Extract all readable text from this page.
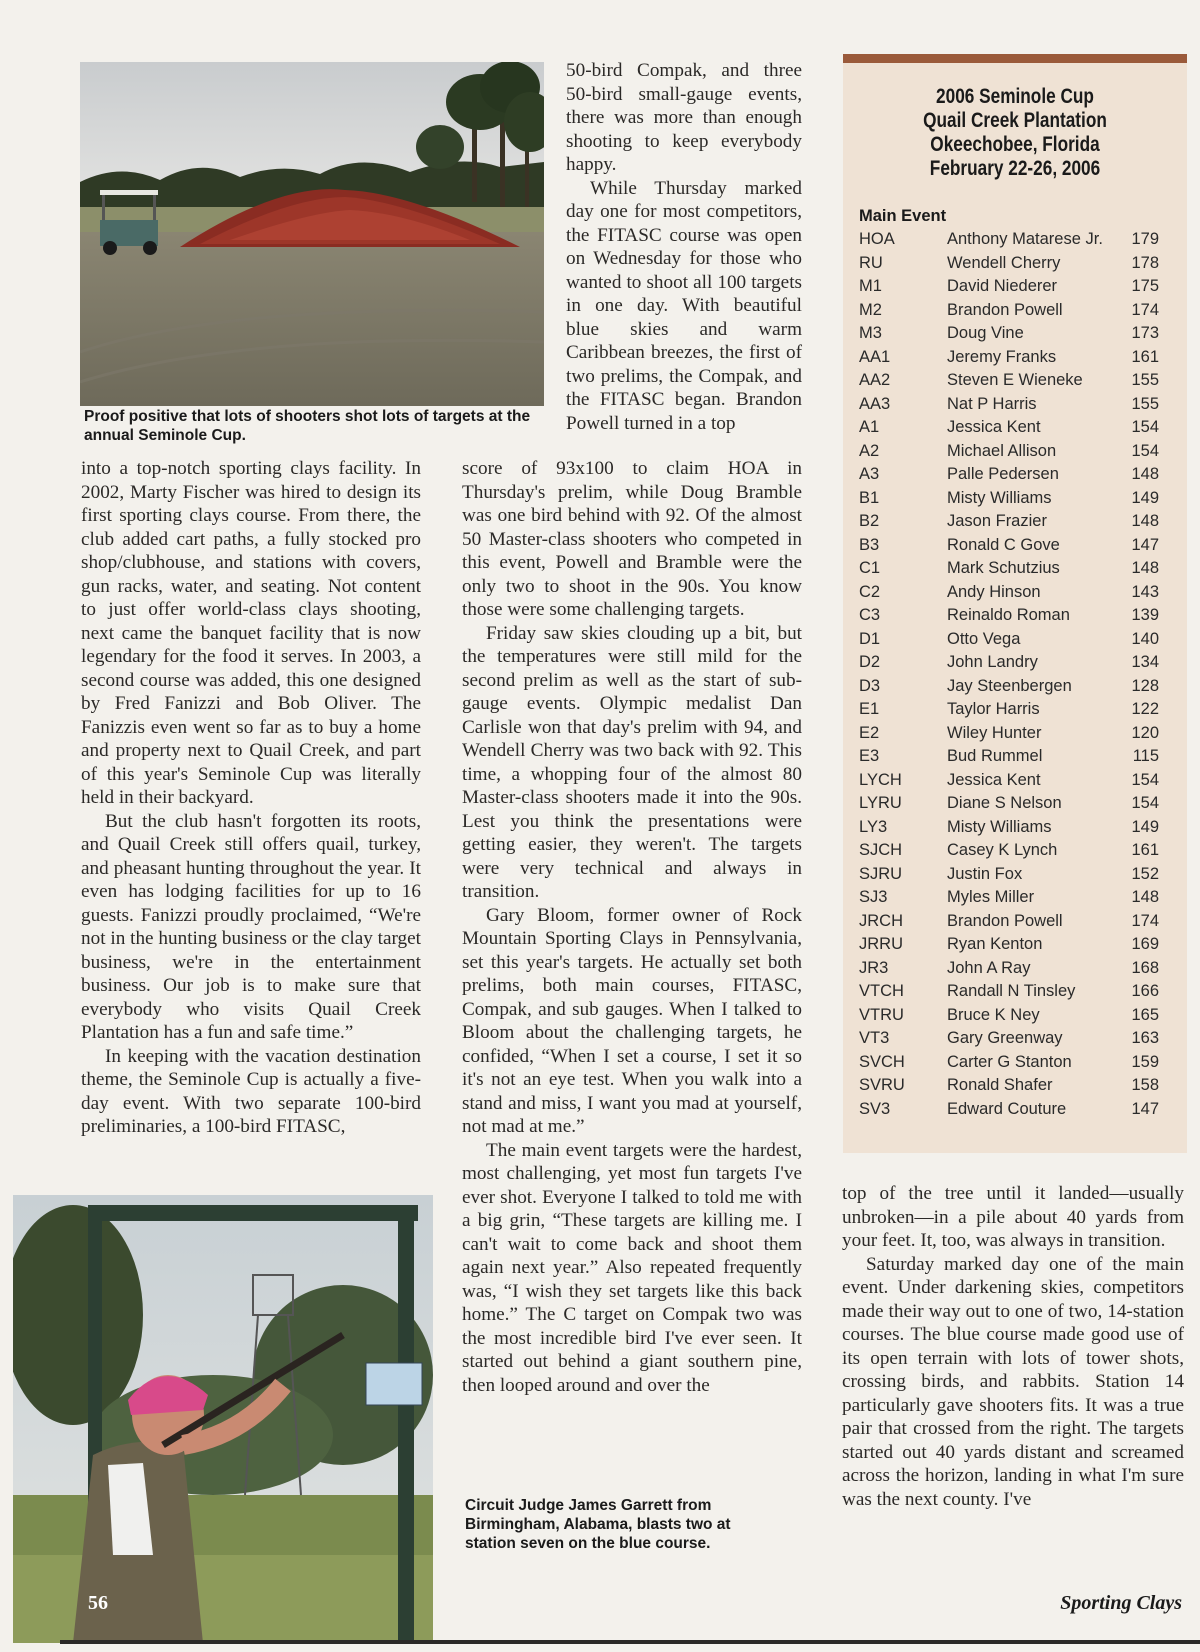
Proof positive that lots of shooters shot lots of targets at the annual Seminole Cup.

into a top-notch sporting clays facility. In 2002, Marty Fischer was hired to design its first sporting clays course. From there, the club added cart paths, a fully stocked pro shop/clubhouse, and stations with covers, gun racks, water, and seating. Not content to just offer world-class clays shooting, next came the banquet facility that is now legendary for the food it serves. In 2003, a second course was added, this one designed by Fred Fanizzi and Bob Oliver. The Fanizzis even went so far as to buy a home and property next to Quail Creek, and part of this year's Seminole Cup was literally held in their backyard.

But the club hasn't forgotten its roots, and Quail Creek still offers quail, turkey, and pheasant hunting throughout the year. It even has lodging facilities for up to 16 guests. Fanizzi proudly proclaimed, “We're not in the hunting business or the clay target business, we're in the entertainment business. Our job is to make sure that everybody who visits Quail Creek Plantation has a fun and safe time.”

In keeping with the vacation destination theme, the Seminole Cup is actually a five-day event. With two separate 100-bird preliminaries, a 100-bird FITASC,

50-bird Compak, and three 50-bird small-gauge events, there was more than enough shooting to keep everybody happy.

While Thursday marked day one for most competitors, the FITASC course was open on Wednesday for those who wanted to shoot all 100 targets in one day. With beautiful blue skies and warm Caribbean breezes, the first of two prelims, the Compak, and the FITASC began. Brandon Powell turned in a top

score of 93x100 to claim HOA in Thursday's prelim, while Doug Bramble was one bird behind with 92. Of the almost 50 Master-class shooters who competed in this event, Powell and Bramble were the only two to shoot in the 90s. You know those were some challenging targets.

Friday saw skies clouding up a bit, but the temperatures were still mild for the second prelim as well as the start of sub-gauge events. Olympic medalist Dan Carlisle won that day's prelim with 94, and Wendell Cherry was two back with 92. This time, a whopping four of the almost 80 Master-class shooters made it into the 90s. Lest you think the presentations were getting easier, they weren't. The targets were very technical and always in transition.

Gary Bloom, former owner of Rock Mountain Sporting Clays in Pennsylvania, set this year's targets. He actually set both prelims, both main courses, FITASC, Compak, and sub gauges. When I talked to Bloom about the challenging targets, he confided, “When I set a course, I set it so it's not an eye test. When you walk into a stand and miss, I want you mad at yourself, not mad at me.”

The main event targets were the hardest, most challenging, yet most fun targets I've ever shot. Everyone I talked to told me with a big grin, “These targets are killing me. I can't wait to come back and shoot them again next year.” Also repeated frequently was, “I wish they set targets like this back home.” The C target on Compak two was the most incredible bird I've ever seen. It started out behind a giant southern pine, then looped around and over the

2006 Seminole Cup
Quail Creek Plantation
Okeechobee, Florida
February 22-26, 2006
Main Event
HOA	Anthony Matarese Jr. 179
RU	Wendell Cherry	178
M1	David Niederer	175
M2	Brandon Powell	174
M3	Doug Vine	173
AA1	Jeremy Franks	161
AA2	Steven E Wieneke	155
AA3	Nat P Harris	155
A1	Jessica Kent	154
A2	Michael Allison	154
A3	Palle Pedersen	148
B1	Misty Williams	149
B2	Jason Frazier	148
B3	Ronald C Gove	147
C1	Mark Schutzius	148
C2	Andy Hinson	143
C3	Reinaldo Roman	139
D1	Otto Vega	140
D2	John Landry	134
D3	Jay Steenbergen	128
E1	Taylor Harris	122
E2	Wiley Hunter	120
E3	Bud Rummel	115
LYCH	Jessica Kent	154
LYRU	Diane S Nelson	154
LY3	Misty Williams	149
SJCH	Casey K Lynch	161
SJRU	Justin Fox	152
SJ3	Myles Miller	148
JRCH	Brandon Powell	174
JRRU	Ryan Kenton	169
JR3	John A Ray	168
VTCH	Randall N Tinsley	166
VTRU	Bruce K Ney	165
VT3	Gary Greenway	163
SVCH	Carter G Stanton	159
SVRU	Ronald Shafer	158
SV3	Edward Couture	147

top of the tree until it landed—usually unbroken—in a pile about 40 yards from your feet. It, too, was always in transition.

Saturday marked day one of the main event. Under darkening skies, competitors made their way out to one of two, 14-station courses. The blue course made good use of its open terrain with lots of tower shots, crossing birds, and rabbits. Station 14 particularly gave shooters fits. It was a true pair that crossed from the right. The targets started out 40 yards distant and screamed across the horizon, landing in what I'm sure was the next county. I've

Circuit Judge James Garrett from Birmingham, Alabama, blasts two at station seven on the blue course.
56	Sporting Clays
